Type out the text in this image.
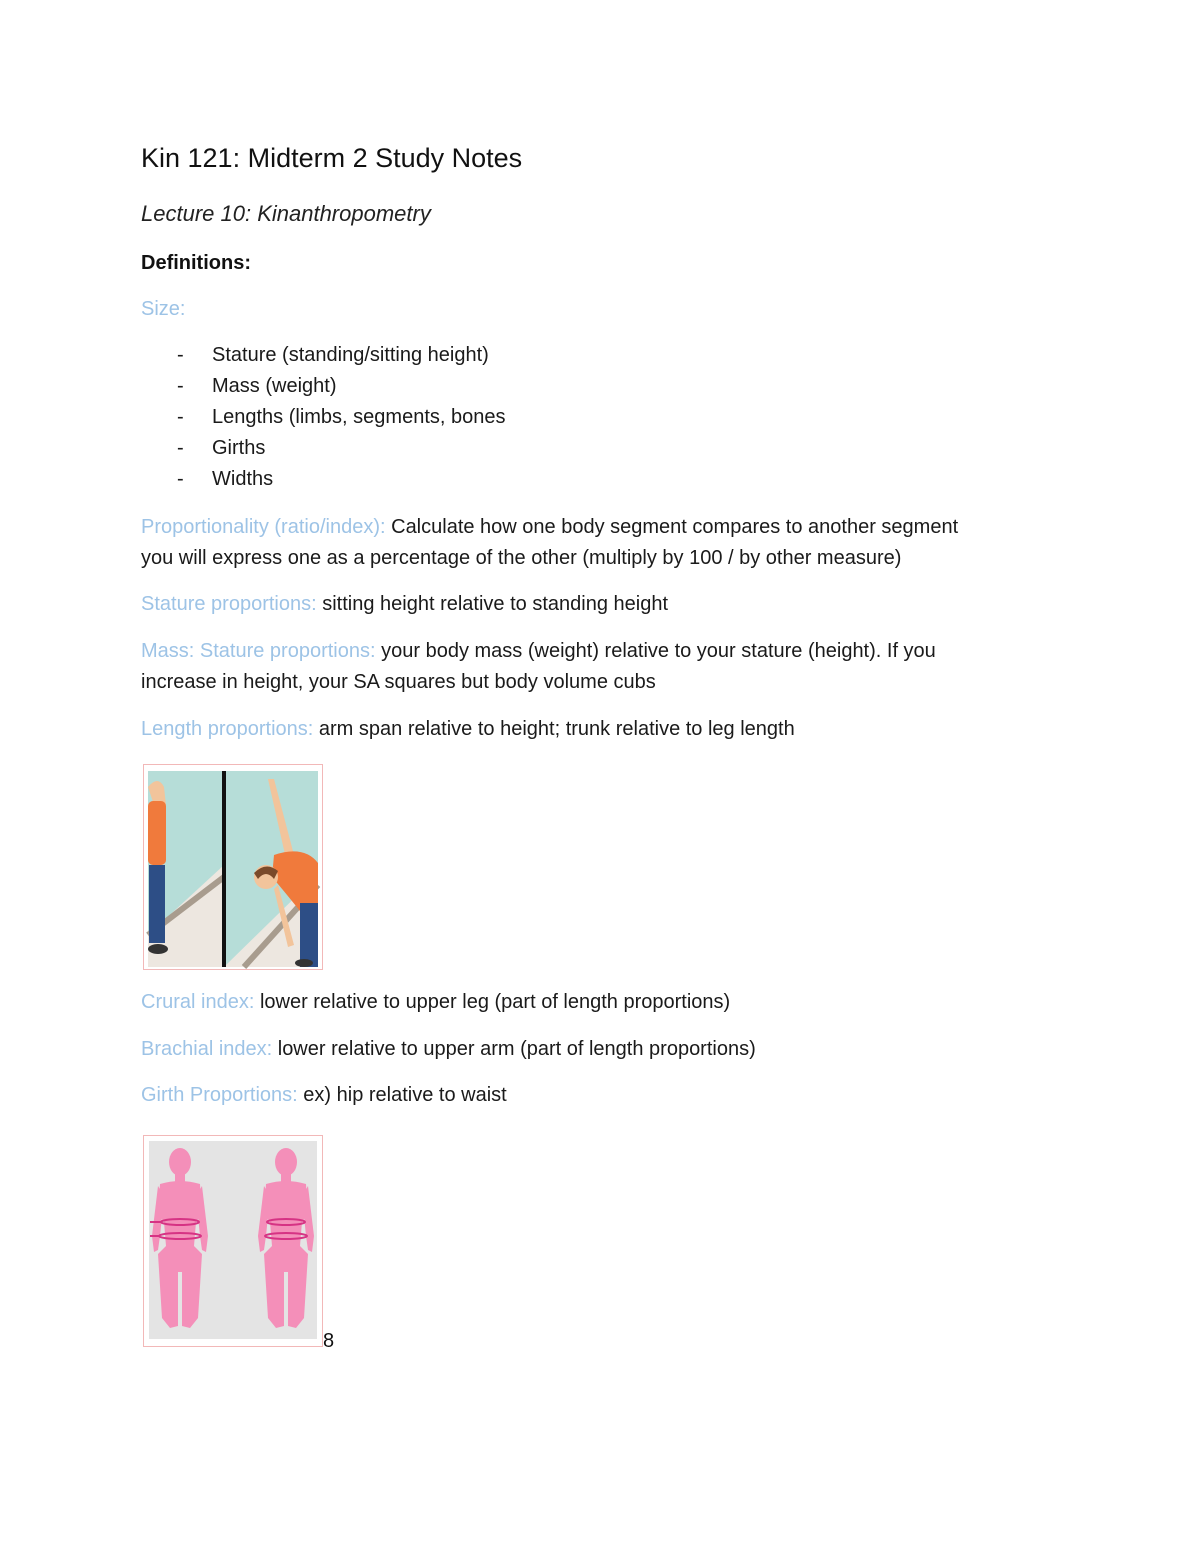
Kin 121: Midterm 2 Study Notes
Lecture 10: Kinanthropometry
Definitions:
Size:
- Stature (standing/sitting height)
- Mass (weight)
- Lengths (limbs, segments, bones
- Girths
- Widths
Proportionality (ratio/index): Calculate how one body segment compares to another segment
you will express one as a percentage of the other (multiply by 100 / by other measure)
Stature proportions: sitting height relative to standing height
Mass: Stature proportions: your body mass (weight) relative to your stature (height). If you
increase in height, your SA squares but body volume cubs
Length proportions: arm span relative to height; trunk relative to leg length
Crural index: lower relative to upper leg (part of length proportions)
Brachial index: lower relative to upper arm (part of length proportions)
Girth Proportions: ex) hip relative to waist
8
